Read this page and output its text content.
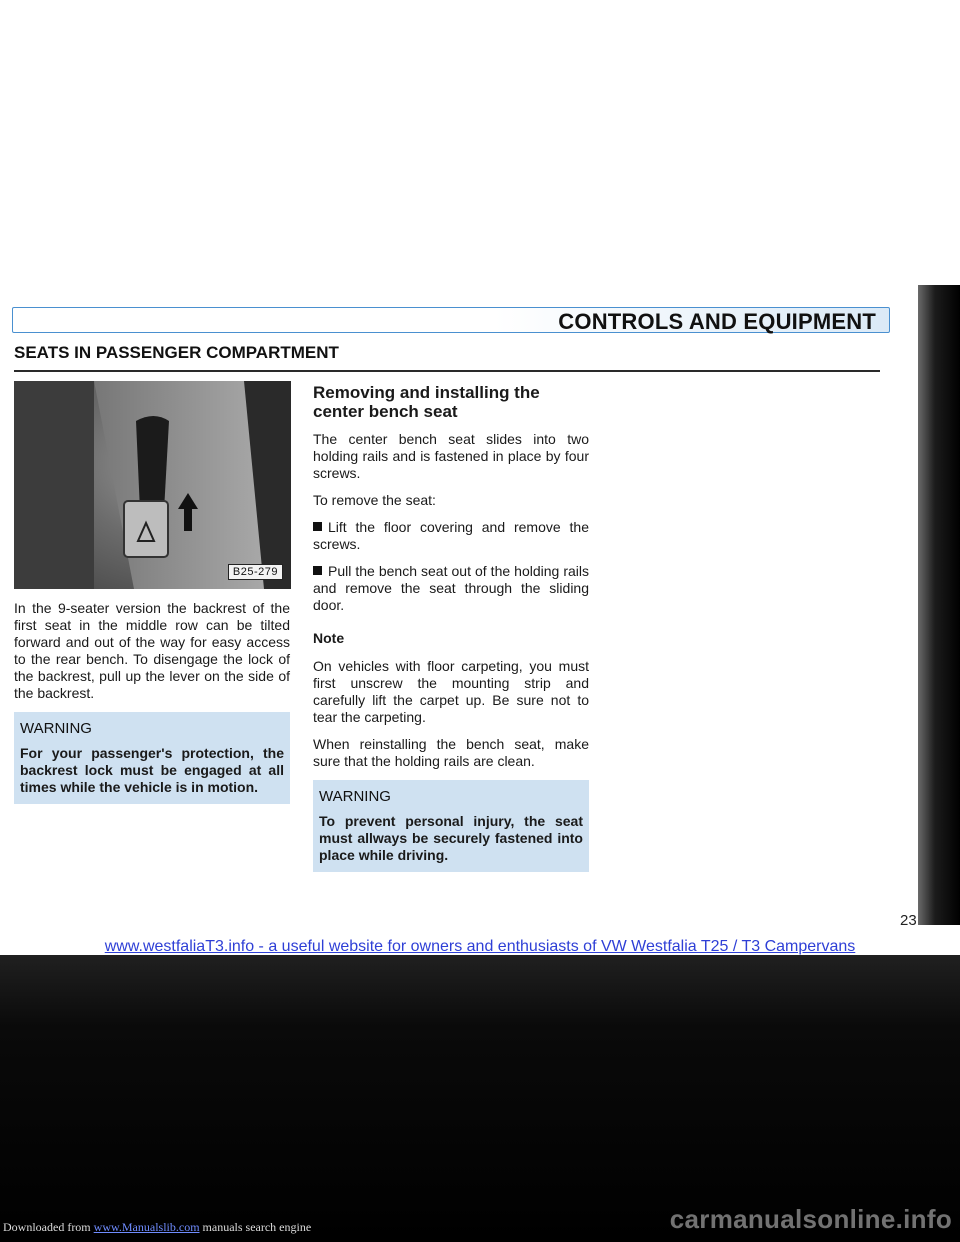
CONTROLS AND EQUIPMENT
SEATS IN PASSENGER COMPARTMENT
B25-279

In the 9-seater version the backrest of the first seat in the middle row can be tilted forward and out of the way for easy access to the rear bench. To disengage the lock of the backrest, pull up the lever on the side of the backrest.

WARNING

For your passenger's protection, the backrest lock must be engaged at all times while the vehicle is in motion.

Removing and installing the center bench seat

The center bench seat slides into two holding rails and is fastened in place by four screws.

To remove the seat:

Lift the floor covering and remove the screws.

Pull the bench seat out of the holding rails and remove the seat through the sliding door.

Note

On vehicles with floor carpeting, you must first unscrew the mounting strip and carefully lift the carpet up. Be sure not to tear the carpeting.

When reinstalling the bench seat, make sure that the holding rails are clean.

WARNING

To prevent personal injury, the seat must allways be securely fastened into place while driving.

23
www.westfaliaT3.info - a useful website for owners and enthusiasts of VW Westfalia T25 / T3 Campervans
Downloaded from www.Manualslib.com manuals search engine	carmanualsonline.info
